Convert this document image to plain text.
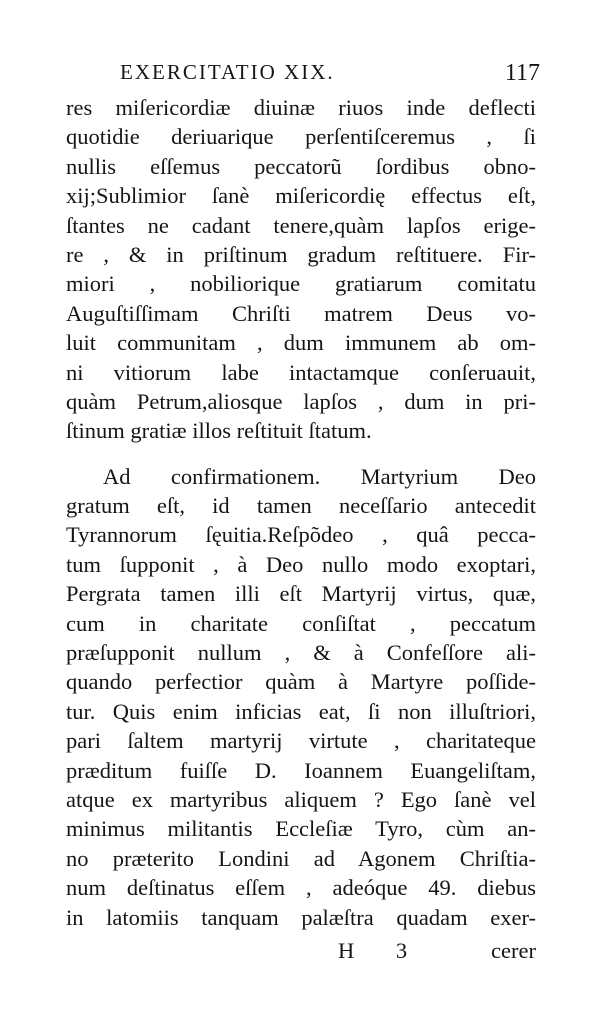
EXERCITATIO XIX.	117
res miſericordiæ diuinæ riuos inde deflecti
quotidie deriuarique perſentiſceremus , ſi
nullis eſſemus peccatorũ ſordibus obno-
xij;Sublimior ſanè miſericordię effectus eſt,
ſtantes ne cadant tenere,quàm lapſos erige-
re , & in priſtinum gradum reſtituere. Fir-
miori , nobiliorique gratiarum comitatu
Auguſtiſſimam Chriſti matrem Deus vo-
luit communitam , dum immunem ab om-
ni vitiorum labe intactamque conſeruauit,
quàm Petrum,aliosque lapſos , dum in pri-
ſtinum gratiæ illos reſtituit ſtatum.
Ad confirmationem. Martyrium Deo
gratum eſt, id tamen neceſſario antecedit
Tyrannorum ſęuitia.Reſpõdeo , quâ pecca-
tum ſupponit , à Deo nullo modo exoptari,
Pergrata tamen illi eſt Martyrij virtus, quæ,
cum in charitate conſiſtat , peccatum
præſupponit nullum , & à Confeſſore ali-
quando perfectior quàm à Martyre poſſide-
tur. Quis enim inficias eat, ſi non illuſtriori,
pari ſaltem martyrij virtute , charitateque
præditum fuiſſe D. Ioannem Euangeliſtam,
atque ex martyribus aliquem ? Ego ſanè vel
minimus militantis Eccleſiæ Tyro, cùm an-
no præterito Londini ad Agonem Chriſtia-
num deſtinatus eſſem , adeóque 49. diebus
in latomiis tanquam palæſtra quadam exer-
H 3	cerer
